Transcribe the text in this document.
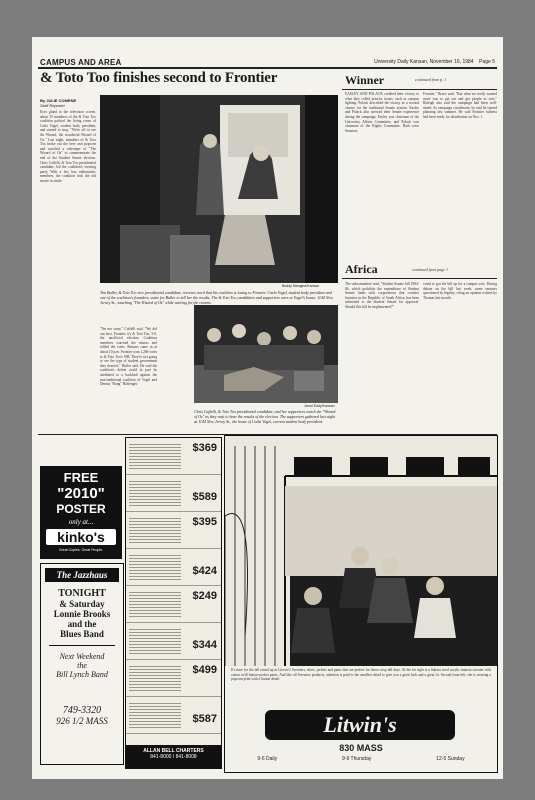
CAMPUS AND AREA	University Daily Kansan, November 16, 1984 Page 5
& Toto Too finishes second to Frontier
By JULIE COMENE
Staff Reporter
Eyes glued to the television screen, about 35 members of the & Toto Too coalition packed the living room of Carla Vogel, student body president, and started to sing. "We're off to see the Wizard, the wonderful Wizard of Oz." Last night, members of & Toto Too broke out the beer and popcorn and watched a videotape of "The Wizard of Oz" to commemorate the end of the Student Senate election. Chris Caffelli, & Toto Too presidential candidate, led the coalition's viewing party. With a few less enthusiastic members, the coalition took the old movie in stride.
Buddy Mangine/Kansan
Tim Buller, & Toto Too vice presidential candidate, receives word that his coalition is losing to Frontier. Carla Vogel, student body president and one of the coalition's founders, waits for Buller to tell her the results. The & Toto Too candidates and supporters were at Vogel's house, 1144 New Jersey St., watching "The Wizard of Oz" while waiting for the returns.
"I'm not sorry," Caffelli said. "We did our best. Frontier, it's & Toto Too, 3-0, the unofficial election. Coalition members watched the returns and tallied the votes. Returns came in at about 10 p.m. Frontier won 1,286 votes to & Toto Too's 908. They're not going to see the type of student government they deserve," Buller said. He said the coalition's defeat could in part be attributed to a backlash against the non-traditional coalition of Vogel and Dennis "Bong" Haffenger.
Jarod Eddy/Kansan
Chris Caffelli, & Toto Too presidential candidate, and her supporters watch the "Wizard of Oz" as they wait to hear the results of the election. The supporters gathered last night at 1144 New Jersey St., the home of Carla Vogel, current student body president.
Winner	continued from p. 1
EASLEY AND POLACK credited their victory to what they called priority issues, such as campus lighting. Polack described the victory as a second chance for the traditional Senate system. Easley and Polack also stressed their Senate experience during the campaign. Easley was chairman of the University Affairs Committee, and Polack was chairman of the Rights Committee. Both were Senators.
Frontier," Bruce said. "But what we really wanted more was to get out and get people to vote." Raleigh also said the campaign had been well-timed. As campaign coordinator, he said he started planning last summer. He said Frontier fullness had been ready for distribution on Nov. 1.
Africa	continued from page 1
The subcommittee read, "Student Senate bill 1984-86, which prohibits the expenditure of Student Senate funds with corporations that conduct business in the Republic of South Africa, has been submitted to the Student Senate for approval. Should this bill be implemented?"
voted to gut the bill up for a campus vote. During debate on the bill last week, some senators questioned its legality, citing an opinion written by Thomas last month.
FREE
"2010"
POSTER
only at...
kinko's
Great Copies. Great People.
The Jazzhaus
TONIGHT
& Saturday
Lonnie Brooks
and the
Blues Band
Next Weekend
the
Bill Lynch Band
749-3320
926 1/2 MASS
$369
$589
$395
$424
$249
$344
$499
$587
ALLAN BELL CHARTERS
841-8000 / 841-8008
It's time for the fall round up at Litwin's! Sweaters, shirts, jackets and pants that are perfect for those crisp fall days. At the far right is a Sahara wool acrylic intarsia sweater with cotton twill button-pocket pants. And like all Sweaters products, attention is paid to the smallest detail to give you a great look and a great fit. Second from left, she is wearing a popcorn print with a button detail.
Litwin's
830 MASS
9-6 Daily	9-9 Thursday	12-5 Sunday
